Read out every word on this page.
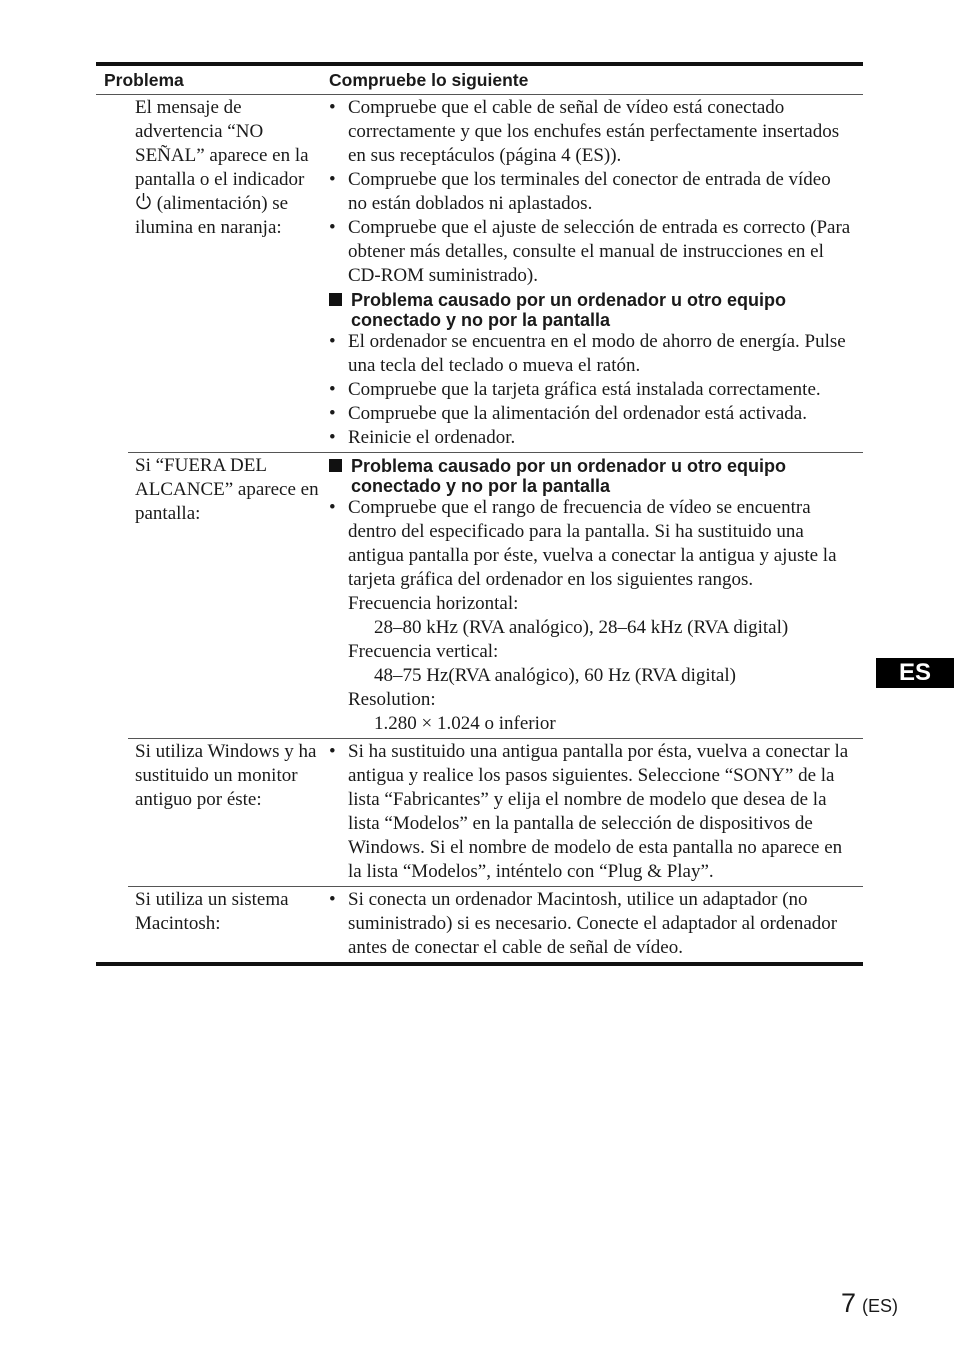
Problema	Compruebe lo siguiente
El mensaje de advertencia “NO SEÑAL” aparece en la pantalla o el indicador  (alimentación) se ilumina en naranja:
• Compruebe que el cable de señal de vídeo está conectado correctamente y que los enchufes están perfectamente insertados en sus receptáculos (página 4 (ES)).
• Compruebe que los terminales del conector de entrada de vídeo no están doblados ni aplastados.
• Compruebe que el ajuste de selección de entrada es correcto (Para obtener más detalles, consulte el manual de instrucciones en el CD-ROM suministrado).
Problema causado por un ordenador u otro equipo conectado y no por la pantalla
• El ordenador se encuentra en el modo de ahorro de energía. Pulse una tecla del teclado o mueva el ratón.
• Compruebe que la tarjeta gráfica está instalada correctamente.
• Compruebe que la alimentación del ordenador está activada.
• Reinicie el ordenador.
Si “FUERA DEL ALCANCE” aparece en pantalla:
Problema causado por un ordenador u otro equipo conectado y no por la pantalla
• Compruebe que el rango de frecuencia de vídeo se encuentra dentro del especificado para la pantalla. Si ha sustituido una antigua pantalla por éste, vuelva a conectar la antigua y ajuste la tarjeta gráfica del ordenador en los siguientes rangos.
Frecuencia horizontal:
28–80 kHz (RVA analógico), 28–64 kHz (RVA digital)
Frecuencia vertical:
48–75 Hz(RVA analógico), 60 Hz (RVA digital)
Resolution:
1.280 × 1.024 o inferior
Si utiliza Windows y ha sustituido un monitor antiguo por éste:
• Si ha sustituido una antigua pantalla por ésta, vuelva a conectar la antigua y realice los pasos siguientes. Seleccione “SONY” de la lista “Fabricantes” y elija el nombre de modelo que desea de la lista “Modelos” en la pantalla de selección de dispositivos de Windows. Si el nombre de modelo de esta pantalla no aparece en la lista “Modelos”, inténtelo con “Plug & Play”.
Si utiliza un sistema Macintosh:
• Si conecta un ordenador Macintosh, utilice un adaptador (no suministrado) si es necesario. Conecte el adaptador al ordenador antes de conectar el cable de señal de vídeo.
ES
7 (ES)
